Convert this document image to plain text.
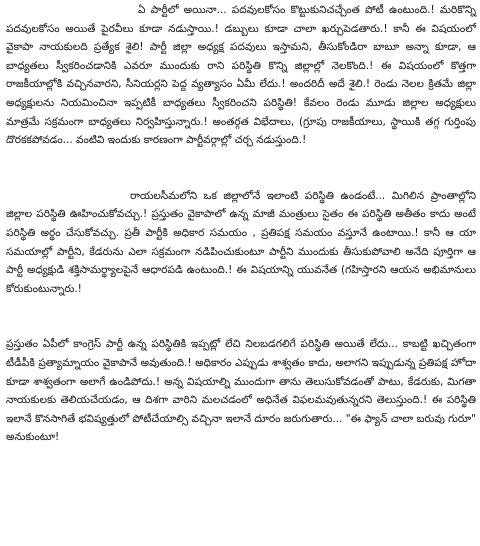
ఏ పార్టీలో అయినా... పదవులకోసం కొట్టుకునిచచ్చేంత పోటీ ఉంటుంది.! మరికొన్ని పదవులకోసం అయితే పైరవీలు కూడా నడుస్తాయి.! డబ్బులు కూడా చాలా ఖర్చుపెడతారు.! కానీ ఈ విషయంలో వైకాపా నాయకులది ప్రత్యేక శైలి! పార్టీ జిల్లా అధ్యక్ష పదవులు ఇస్తామని, తీసుకోండిరా బాబూ అన్నా కూడా, ఆ బాధ్యతలు స్వీకరించడానికి ఎవరూ ముందుకు రాని పరిస్థితి కొన్ని జిల్లాల్లో నెలకొంది.! ఈ విషయంలో కొత్తగా రాజకీయాల్లోకి వచ్చినవారని, సీనియర్లని పెద్ద వ్యత్యాసం ఏమీ లేదు.! అందరిదీ అదే శైలి.! రెండు నెలల క్రితమే జిల్లా అధ్యక్షులను నియమించినా ఇప్పటికీ బాధ్యతలు స్వీకరించని పరిస్థితి! కేవలం రెండు మూడు జిల్లాల అధ్యక్షులు మాత్రమే సక్రమంగా బాధ్యతలు నిర్వహిస్తున్నారు.! అంతర్గత విభేదాలు, (గ్రూపు రాజకీయాలు, స్థాయికి తగ్గ గుర్తింపు దొరకకపోవడం... వంటివి ఇందుకు కారణంగా పార్టీవర్గాల్లో చర్చ నడుస్తుంది.!

రాయలసీమలోని ఒక జిల్లాలోనే ఇలాంటి పరిస్థితి ఉండంటే... మిగిలిన ప్రాంతాల్లోని జిల్లాల పరిస్థితి ఊహించుకోవచ్చు.! ప్రస్తుతం వైకాపాలో ఉన్న మాజీ మంత్రులు సైతం ఈ పరిస్థితి అతీతం కాదు అంటే పరిస్థితి అర్థం చేసుకోవచ్చు. ప్రతీ పార్టీకి అధికార సమయం , ప్రతిపక్ష సమయం వస్తూనే ఉంటాయి.! కానీ ఆ యా సమయాల్లో పార్టీని, కేడరును ఎలా సక్రమంగా నడిపించుకుంటూ పార్టీని ముందుకు తీసుకుపోవాలి అనేది పూర్తిగా ఆ పార్టీ అధ్యక్షుడి శక్తిసామర్థ్యాలపైనే ఆధారపడి ఉంటుంది.! ఈ విషయాన్ని యువనేత (గహిస్తారని ఆయన అభిమానులు కోరుకుంటున్నారు.!

ప్రస్తుతం ఏపీలో కాంగ్రెస్ పార్టీ ఉన్న పరిస్థితికి ఇప్పట్లో లేచి నిలబడగలిగే పరిస్థితి అయితే లేదు... కాబట్టి ఖచ్చితంగా టీడీపీకి ప్రత్యామ్నాయం వైకాపానే అవుతుంది.! అధికారం ఎప్పుడు శాశ్వతం కాదు, అలాగని ఇప్పుడున్న ప్రతిపక్ష హోదా కూడా శాశ్వతంగా అలాగే ఉండిపోదు.! అన్న విషయాల్ని ముందుగా తాను తెలుసుకోవడంతో పాటు, కేడరుకు, మిగతా నాయకులకు తెలియచేయడం, ఆ దిశగా వారిని మలచడంలో అధినేత విఫలమవుతున్నరని తెలుస్తుంది.! ఈ పరిస్థితి ఇలానే కొనసాగితే భవిష్యత్తులో పోటీచేయాల్సి వచ్చినా ఇలానే దూరం జరుగుతారు... "ఈ ఫ్యాన్ చాలా బరువు గురూ" అనుకుంటూ!
